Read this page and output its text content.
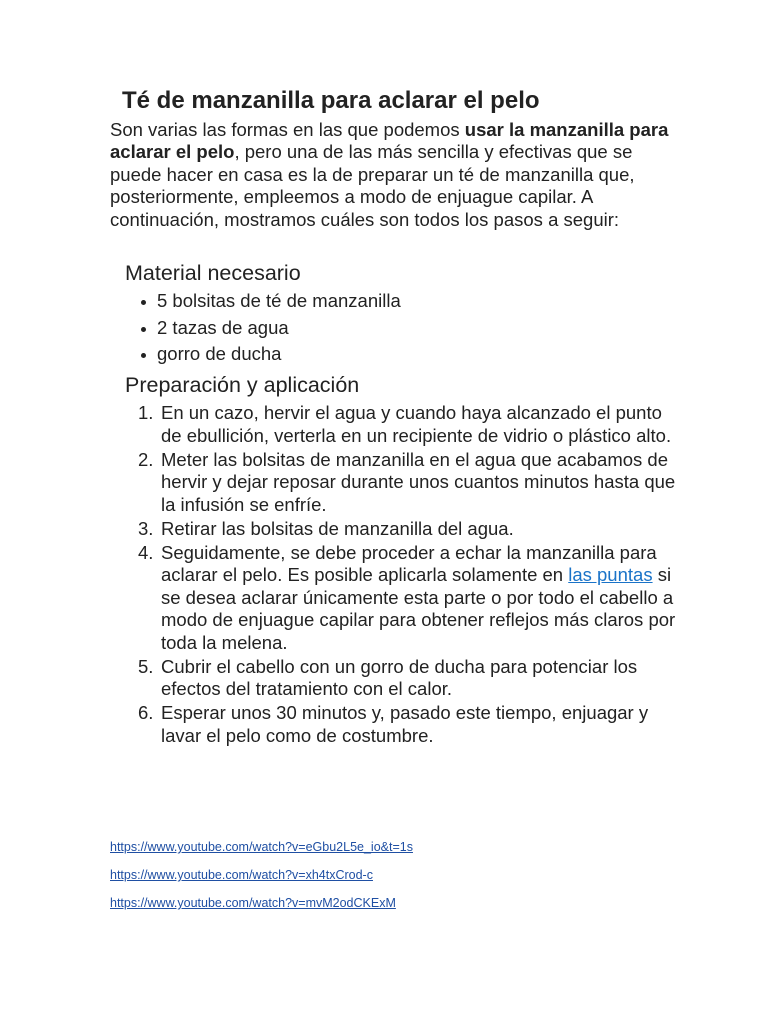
Té de manzanilla para aclarar el pelo

Son varias las formas en las que podemos usar la manzanilla para aclarar el pelo, pero una de las más sencilla y efectivas que se puede hacer en casa es la de preparar un té de manzanilla que, posteriormente, empleemos a modo de enjuague capilar. A continuación, mostramos cuáles son todos los pasos a seguir:

Material necesario
5 bolsitas de té de manzanilla
2 tazas de agua
gorro de ducha
Preparación y aplicación
1. En un cazo, hervir el agua y cuando haya alcanzado el punto de ebullición, verterla en un recipiente de vidrio o plástico alto.
2. Meter las bolsitas de manzanilla en el agua que acabamos de hervir y dejar reposar durante unos cuantos minutos hasta que la infusión se enfríe.
3. Retirar las bolsitas de manzanilla del agua.
4. Seguidamente, se debe proceder a echar la manzanilla para aclarar el pelo. Es posible aplicarla solamente en las puntas si se desea aclarar únicamente esta parte o por todo el cabello a modo de enjuague capilar para obtener reflejos más claros por toda la melena.
5. Cubrir el cabello con un gorro de ducha para potenciar los efectos del tratamiento con el calor.
6. Esperar unos 30 minutos y, pasado este tiempo, enjuagar y lavar el pelo como de costumbre.
https://www.youtube.com/watch?v=eGbu2L5e_io&t=1s
https://www.youtube.com/watch?v=xh4txCrod-c
https://www.youtube.com/watch?v=mvM2odCKExM
